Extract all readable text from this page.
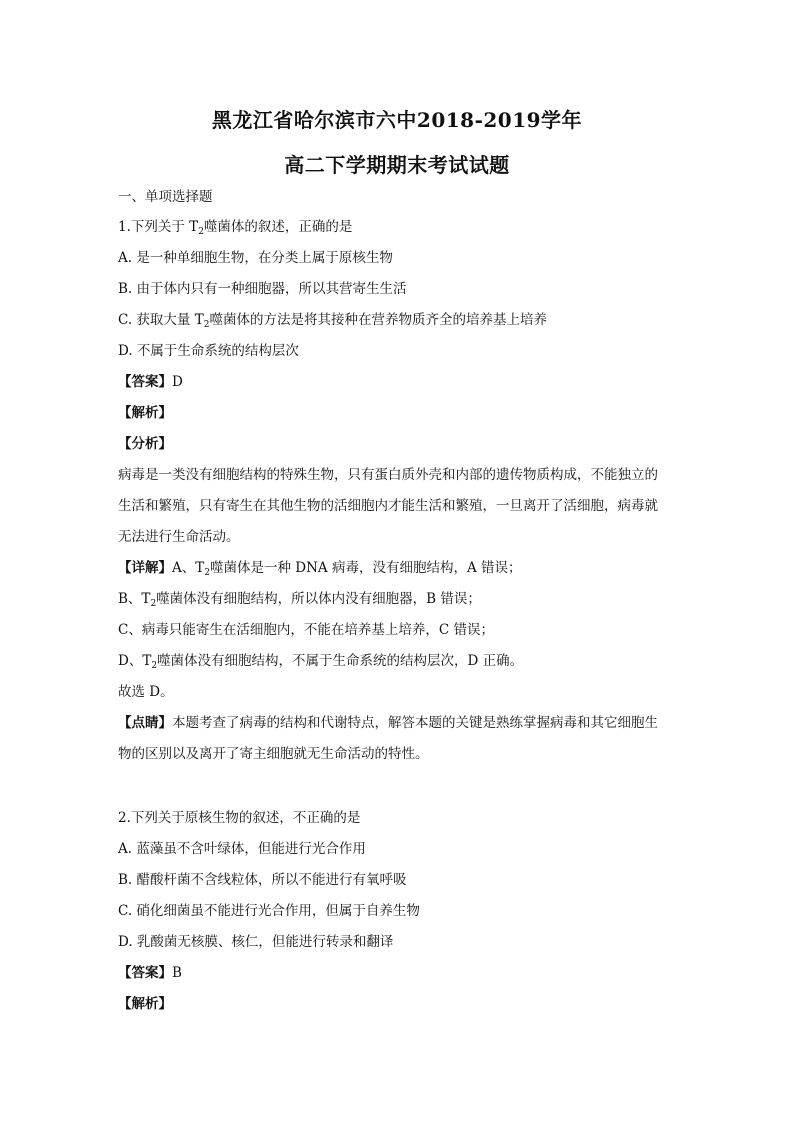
黑龙江省哈尔滨市六中2018-2019学年
高二下学期期末考试试题
一、单项选择题
1.下列关于 $T_2$噬菌体的叙述，正确的是
A. 是一种单细胞生物，在分类上属于原核生物
B. 由于体内只有一种细胞器，所以其营寄生生活
C. 获取大量 $T_2$噬菌体的方法是将其接种在营养物质齐全的培养基上培养
D. 不属于生命系统的结构层次
【答案】D
【解析】
【分析】
病毒是一类没有细胞结构的特殊生物，只有蛋白质外壳和内部的遗传物质构成，不能独立的
生活和繁殖，只有寄生在其他生物的活细胞内才能生活和繁殖，一旦离开了活细胞，病毒就
无法进行生命活动。
【详解】A、$T_2$噬菌体是一种 DNA 病毒，没有细胞结构，A 错误；
B、$T_2$噬菌体没有细胞结构，所以体内没有细胞器，B 错误；
C、病毒只能寄生在活细胞内，不能在培养基上培养，C 错误；
D、$T_2$噬菌体没有细胞结构，不属于生命系统的结构层次，D 正确。
故选 D。
【点睛】本题考查了病毒的结构和代谢特点，解答本题的关键是熟练掌握病毒和其它细胞生
物的区别以及离开了寄主细胞就无生命活动的特性。
2.下列关于原核生物的叙述，不正确的是
A. 蓝藻虽不含叶绿体，但能进行光合作用
B. 醋酸杆菌不含线粒体，所以不能进行有氧呼吸
C. 硝化细菌虽不能进行光合作用，但属于自养生物
D. 乳酸菌无核膜、核仁，但能进行转录和翻译
【答案】B
【解析】
